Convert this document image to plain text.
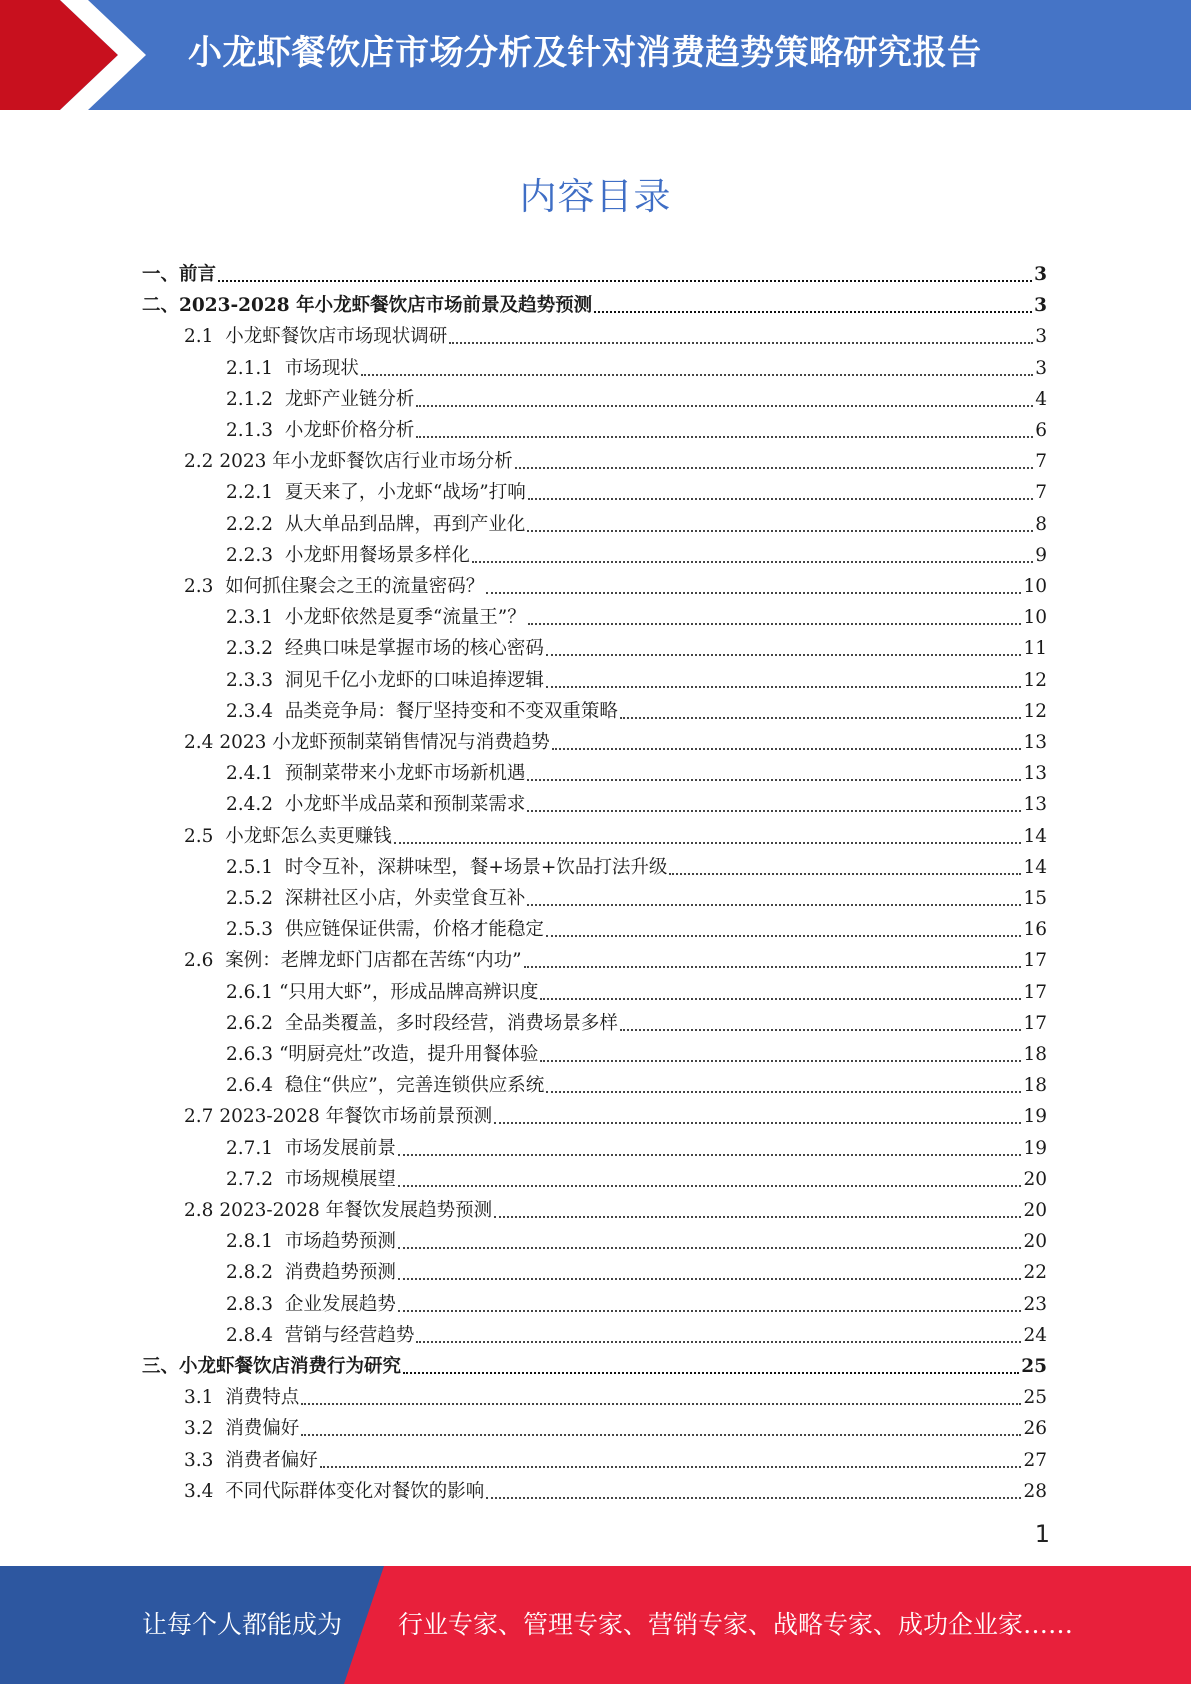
小龙虾餐饮店市场分析及针对消费趋势策略研究报告
内容目录
一、 前言	3
二、 2023-2028 年小龙虾餐饮店市场前景及趋势预测	3
2.1 小龙虾餐饮店市场现状调研	3
2.1.1 市场现状	3
2.1.2 龙虾产业链分析	4
2.1.3 小龙虾价格分析	6
2.2 2023 年小龙虾餐饮店行业市场分析	7
2.2.1 夏天来了，小龙虾“战场”打响	7
2.2.2 从大单品到品牌，再到产业化	8
2.2.3 小龙虾用餐场景多样化	9
2.3 如何抓住聚会之王的流量密码？	10
2.3.1 小龙虾依然是夏季“流量王”？	10
2.3.2 经典口味是掌握市场的核心密码	11
2.3.3 洞见千亿小龙虾的口味追捧逻辑	12
2.3.4 品类竞争局：餐厅坚持变和不变双重策略	12
2.4 2023 小龙虾预制菜销售情况与消费趋势	13
2.4.1 预制菜带来小龙虾市场新机遇	13
2.4.2 小龙虾半成品菜和预制菜需求	13
2.5 小龙虾怎么卖更赚钱	14
2.5.1 时令互补，深耕味型，餐+场景+饮品打法升级	14
2.5.2 深耕社区小店，外卖堂食互补	15
2.5.3 供应链保证供需，价格才能稳定	16
2.6 案例：老牌龙虾门店都在苦练“内功”	17
2.6.1 “只用大虾”，形成品牌高辨识度	17
2.6.2 全品类覆盖，多时段经营，消费场景多样	17
2.6.3 “明厨亮灶”改造，提升用餐体验	18
2.6.4 稳住“供应”，完善连锁供应系统	18
2.7 2023-2028 年餐饮市场前景预测	19
2.7.1 市场发展前景	19
2.7.2 市场规模展望	20
2.8 2023-2028 年餐饮发展趋势预测	20
2.8.1 市场趋势预测	20
2.8.2 消费趋势预测	22
2.8.3 企业发展趋势	23
2.8.4 营销与经营趋势	24
三、 小龙虾餐饮店消费行为研究	25
3.1 消费特点	25
3.2 消费偏好	26
3.3 消费者偏好	27
3.4 不同代际群体变化对餐饮的影响	28
1
让每个人都能成为 行业专家、管理专家、营销专家、战略专家、成功企业家……
